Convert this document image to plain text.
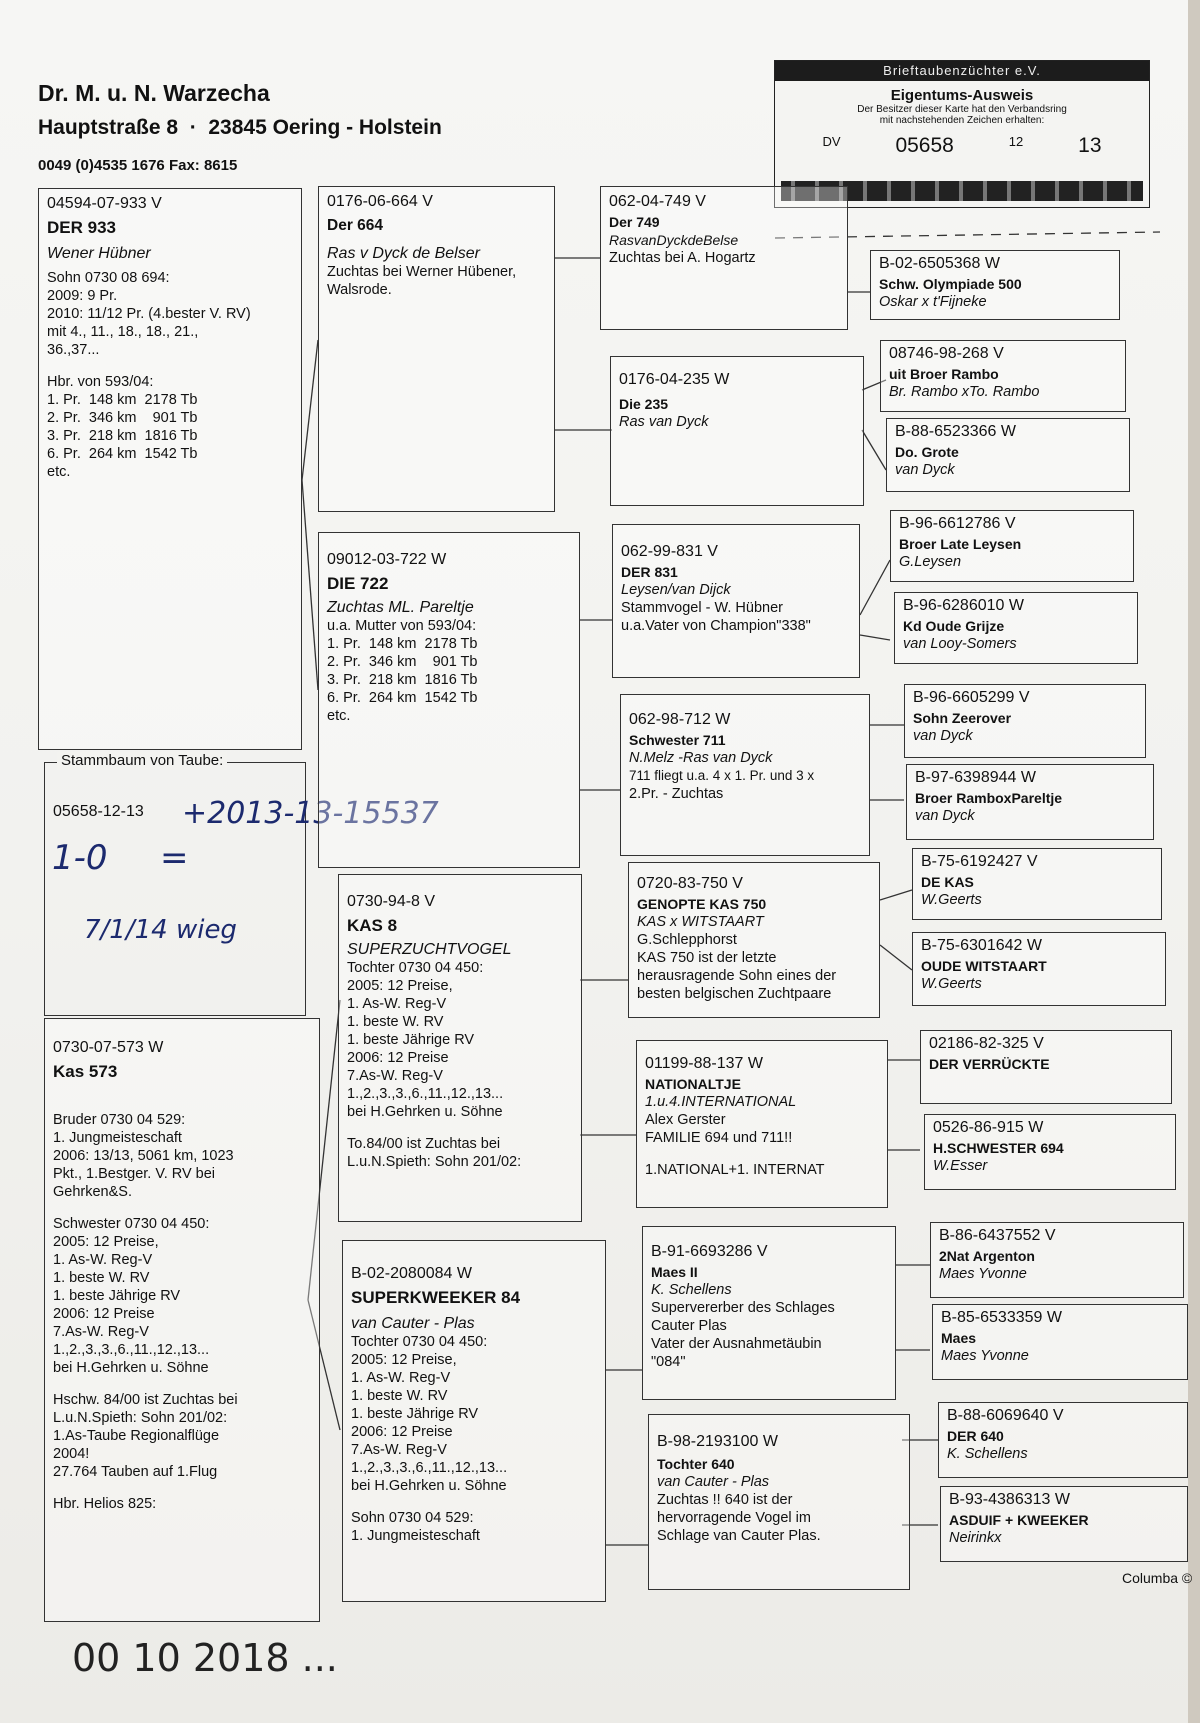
Dr. M. u. N. Warzecha
Hauptstraße 8  ·  23845 Oering - Holstein
0049 (0)4535 1676 Fax: 8615
Brieftaubenzüchter e.V.
Eigentums-Ausweis
Der Besitzer dieser Karte hat den Verbandsring
mit nachstehenden Zeichen erhalten:
DV	05658	12	13
04594-07-933 V
DER 933
Wener Hübner
Sohn 0730 08 694:
2009: 9 Pr.
2010: 11/12 Pr. (4.bester V. RV)
mit 4., 11., 18., 18., 21.,
36.,37...
Hbr. von 593/04:
1. Pr.  148 km  2178 Tb
2. Pr.  346 km    901 Tb
3. Pr.  218 km  1816 Tb
6. Pr.  264 km  1542 Tb
etc.
Stammbaum von Taube:
05658-12-13 +2013-13-15537
1-0 =
7/1/14 wieg
0730-07-573 W
Kas 573
Bruder 0730 04 529:
1. Jungmeisteschaft
2006: 13/13, 5061 km, 1023
Pkt., 1.Bestger. V. RV bei
Gehrken&S.
Schwester 0730 04 450:
2005: 12 Preise,
1. As-W. Reg-V
1. beste W. RV
1. beste Jährige RV
2006: 12 Preise
7.As-W. Reg-V
1.,2.,3.,3.,6.,11.,12.,13...
bei H.Gehrken u. Söhne
Hschw. 84/00 ist Zuchtas bei
L.u.N.Spieth: Sohn 201/02:
1.As-Taube Regionalflüge
2004!
27.764 Tauben auf 1.Flug
Hbr. Helios 825:
0176-06-664 V
Der 664
Ras v Dyck de Belser
Zuchtas bei Werner Hübener,
Walsrode.
09012-03-722 W
DIE 722
Zuchtas ML. Pareltje
u.a. Mutter von 593/04:
1. Pr.  148 km  2178 Tb
2. Pr.  346 km    901 Tb
3. Pr.  218 km  1816 Tb
6. Pr.  264 km  1542 Tb
etc.
0730-94-8 V
KAS 8
SUPERZUCHTVOGEL
Tochter 0730 04 450:
2005: 12 Preise,
1. As-W. Reg-V
1. beste W. RV
1. beste Jährige RV
2006: 12 Preise
7.As-W. Reg-V
1.,2.,3.,3.,6.,11.,12.,13...
bei H.Gehrken u. Söhne
To.84/00 ist Zuchtas bei
L.u.N.Spieth: Sohn 201/02:
B-02-2080084 W
SUPERKWEEKER 84
van Cauter - Plas
Tochter 0730 04 450:
2005: 12 Preise,
1. As-W. Reg-V
1. beste W. RV
1. beste Jährige RV
2006: 12 Preise
7.As-W. Reg-V
1.,2.,3.,3.,6.,11.,12.,13...
bei H.Gehrken u. Söhne
Sohn 0730 04 529:
1. Jungmeisteschaft
062-04-749 V
Der 749
RasvanDyckdeBelse
Zuchtas bei A. Hogartz
0176-04-235 W
Die 235
Ras van Dyck
062-99-831 V
DER 831
Leysen/van Dijck
Stammvogel - W. Hübner
u.a.Vater von Champion"338"
062-98-712 W
Schwester 711
N.Melz -Ras van Dyck
711 fliegt u.a. 4 x 1. Pr. und 3 x
2.Pr. - Zuchtas
0720-83-750 V
GENOPTE KAS 750
KAS x WITSTAART
G.Schlepphorst
KAS 750 ist der letzte
herausragende Sohn eines der
besten belgischen Zuchtpaare
01199-88-137 W
NATIONALTJE
1.u.4.INTERNATIONAL
Alex Gerster
FAMILIE 694 und 711!!
1.NATIONAL+1. INTERNAT
B-91-6693286 V
Maes II
K. Schellens
Supervererber des Schlages
Cauter Plas
Vater der Ausnahmetäubin
"084"
B-98-2193100 W
Tochter 640
van Cauter - Plas
Zuchtas !! 640 ist der
hervorragende Vogel im
Schlage van Cauter Plas.
B-02-6505368 W
Schw. Olympiade 500
Oskar x t'Fijneke
08746-98-268 V
uit Broer Rambo
Br. Rambo xTo. Rambo
B-88-6523366 W
Do. Grote
van Dyck
B-96-6612786 V
Broer Late Leysen
G.Leysen
B-96-6286010 W
Kd Oude Grijze
van Looy-Somers
B-96-6605299 V
Sohn Zeerover
van Dyck
B-97-6398944 W
Broer RamboxPareltje
van Dyck
B-75-6192427 V
DE KAS
W.Geerts
B-75-6301642 W
OUDE WITSTAART
W.Geerts
02186-82-325 V
DER VERRÜCKTE
0526-86-915 W
H.SCHWESTER 694
W.Esser
B-86-6437552 V
2Nat Argenton
Maes Yvonne
B-85-6533359 W
Maes
Maes Yvonne
B-88-6069640 V
DER 640
K. Schellens
B-93-4386313 W
ASDUIF + KWEEKER
Neirinkx
Columba ©
00 10 2018 ...
